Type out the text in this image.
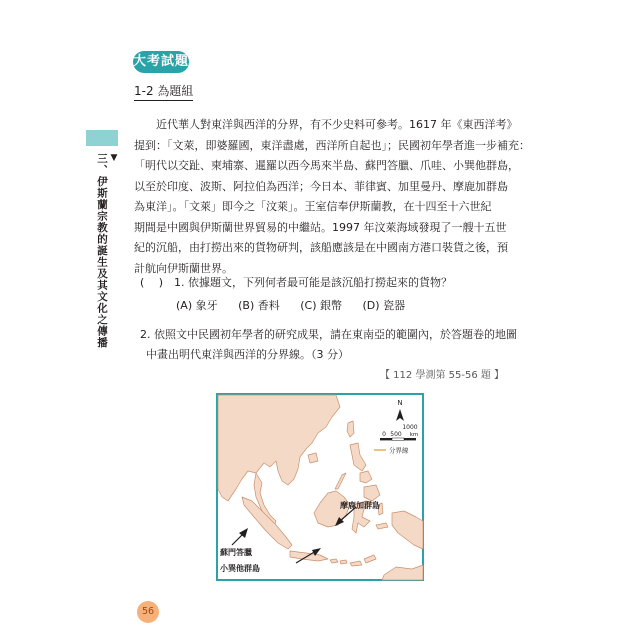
大考試題
1-2 為題組
▼
三、伊斯蘭宗教的誕生及其文化之傳播
　　近代華人對東洋與西洋的分界，有不少史料可參考。1617 年《東西洋考》
提到：「文萊，即婆羅國，東洋盡處，西洋所自起也」；民國初年學者進一步補充：
「明代以交趾、柬埔寨、暹羅以西今馬來半島、蘇門答臘、爪哇、小巽他群島，
以至於印度、波斯、阿拉伯為西洋；今日本、菲律賓、加里曼丹、摩鹿加群島
為東洋」。「文萊」即今之「汶萊」。王室信奉伊斯蘭教，在十四至十六世紀
期間是中國與伊斯蘭世界貿易的中繼站。1997 年汶萊海域發現了一艘十五世
紀的沉船，由打撈出來的貨物研判，該船應該是在中國南方港口裝貨之後，預
計航向伊斯蘭世界。
(　 ) 1. 依據題文，下列何者最可能是該沉船打撈起來的貨物？
(A) 象牙 (B) 香料 (C) 銀幣 (D) 瓷器
2. 依照文中民國初年學者的研究成果，請在東南亞的範圍內，於答題卷的地圖
中畫出明代東洋與西洋的分界線。（3 分）
【 112 學測第 55-56 題 】
N
1000
km
0 500
分界線
摩鹿加群島
蘇門答臘
小巽他群島
56
